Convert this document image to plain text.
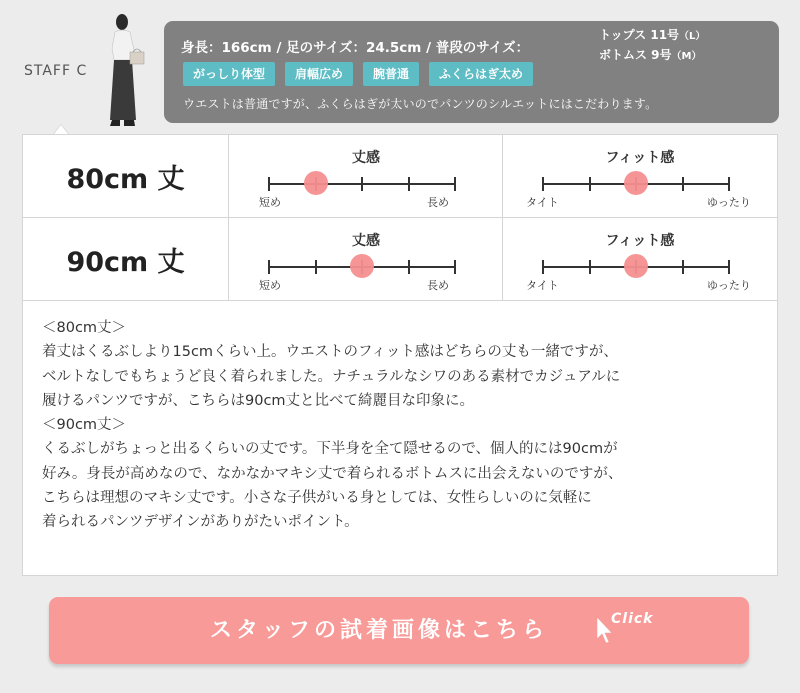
STAFF C
身長：166cm / 足のサイズ：24.5cm / 普段のサイズ：
トップス 11号（L）
ボトムス 9号（M）
がっしり体型	肩幅広め	腕普通	ふくらはぎ太め
ウエストは普通ですが、ふくらはぎが太いのでパンツのシルエットにはこだわります。
80cm 丈
丈感
短め	長め
フィット感
タイト	ゆったり
90cm 丈
丈感
短め	長め
フィット感
タイト	ゆったり

＜80cm丈＞

着丈はくるぶしより15cmくらい上。ウエストのフィット感はどちらの丈も一緒ですが、

ベルトなしでもちょうど良く着られました。ナチュラルなシワのある素材でカジュアルに

履けるパンツですが、こちらは90cm丈と比べて綺麗目な印象に。

＜90cm丈＞

くるぶしがちょっと出るくらいの丈です。下半身を全て隠せるので、個人的には90cmが

好み。身長が高めなので、なかなかマキシ丈で着られるボトムスに出会えないのですが、

こちらは理想のマキシ丈です。小さな子供がいる身としては、女性らしいのに気軽に

着られるパンツデザインがありがたいポイント。

スタッフの試着画像はこちら	Click
